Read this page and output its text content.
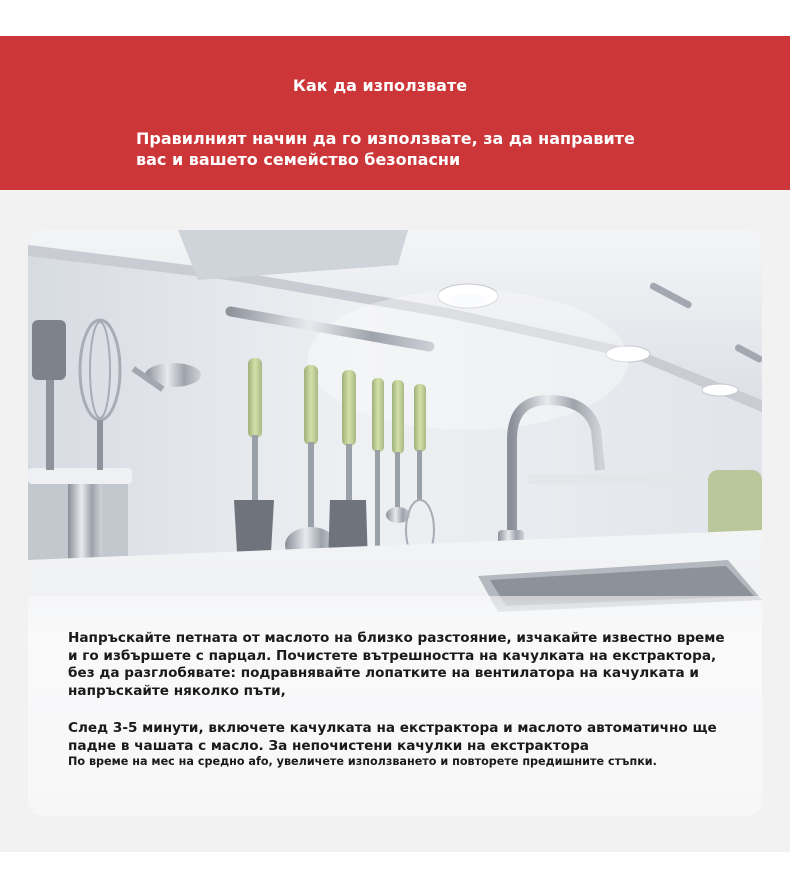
Как да използвате
Правилният начин да го използвате, за да направите
вас и вашето семейство безопасни
Напръскайте петната от маслото на близко разстояние, изчакайте известно време
и го избършете с парцал. Почистете вътрешността на качулката на екстрактора,
без да разглобявате: подравнявайте лопатките на вентилатора на качулката и
напръскайте няколко пъти,
След 3-5 минути, включете качулката на екстрактора и маслото автоматично ще
падне в чашата с масло. За непочистени качулки на екстрактора
По време на мес на средно аfo, увеличете използването и повторете предишните стъпки.
